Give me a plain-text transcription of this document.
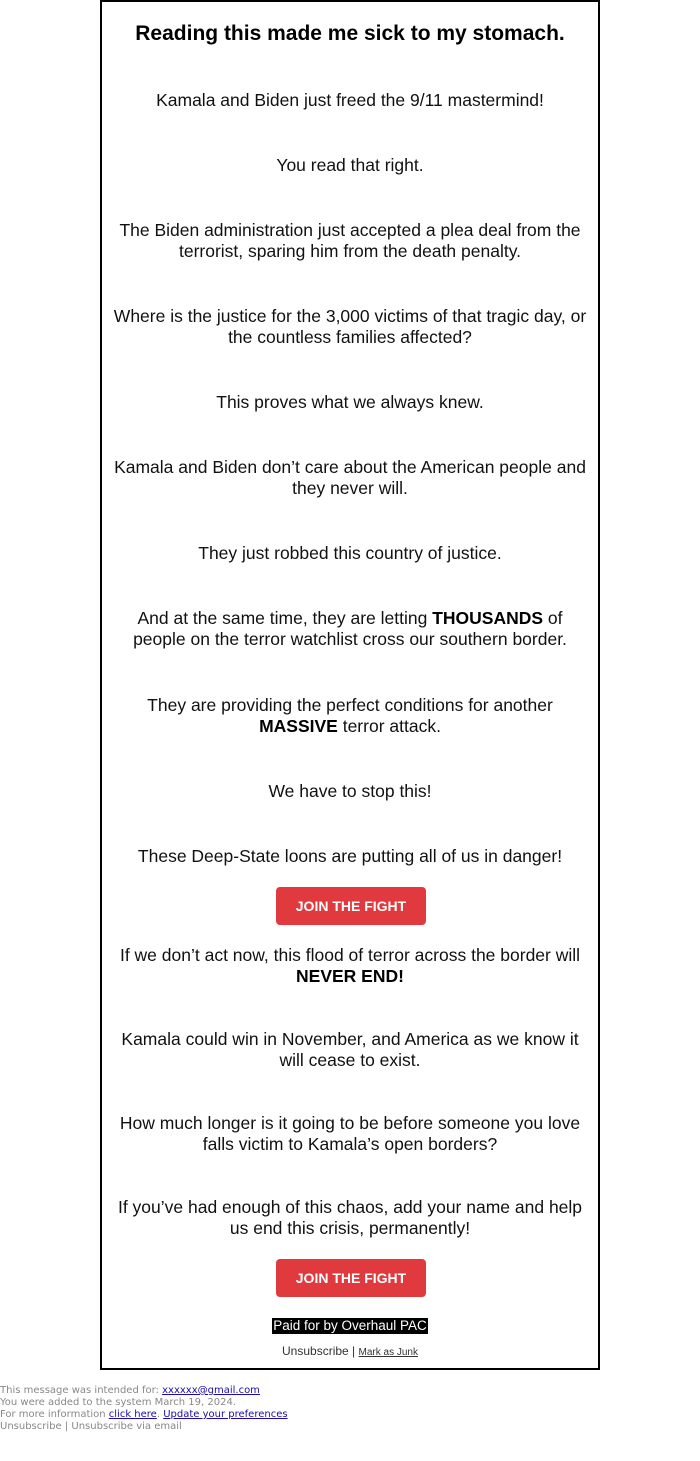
Reading this made me sick to my stomach.
Kamala and Biden just freed the 9/11 mastermind!
You read that right.
The Biden administration just accepted a plea deal from the terrorist, sparing him from the death penalty.
Where is the justice for the 3,000 victims of that tragic day, or the countless families affected?
This proves what we always knew.
Kamala and Biden don’t care about the American people and they never will.
They just robbed this country of justice.
And at the same time, they are letting THOUSANDS of people on the terror watchlist cross our southern border.
They are providing the perfect conditions for another MASSIVE terror attack.
We have to stop this!
These Deep-State loons are putting all of us in danger!
JOIN THE FIGHT
If we don’t act now, this flood of terror across the border will NEVER END!
Kamala could win in November, and America as we know it will cease to exist.
How much longer is it going to be before someone you love falls victim to Kamala’s open borders?
If you’ve had enough of this chaos, add your name and help us end this crisis, permanently!
JOIN THE FIGHT
Paid for by Overhaul PAC
Unsubscribe | Mark as Junk
This message was intended for: xxxxxx@gmail.com
You were added to the system March 19, 2024.
For more information click here. Update your preferences
Unsubscribe | Unsubscribe via email
